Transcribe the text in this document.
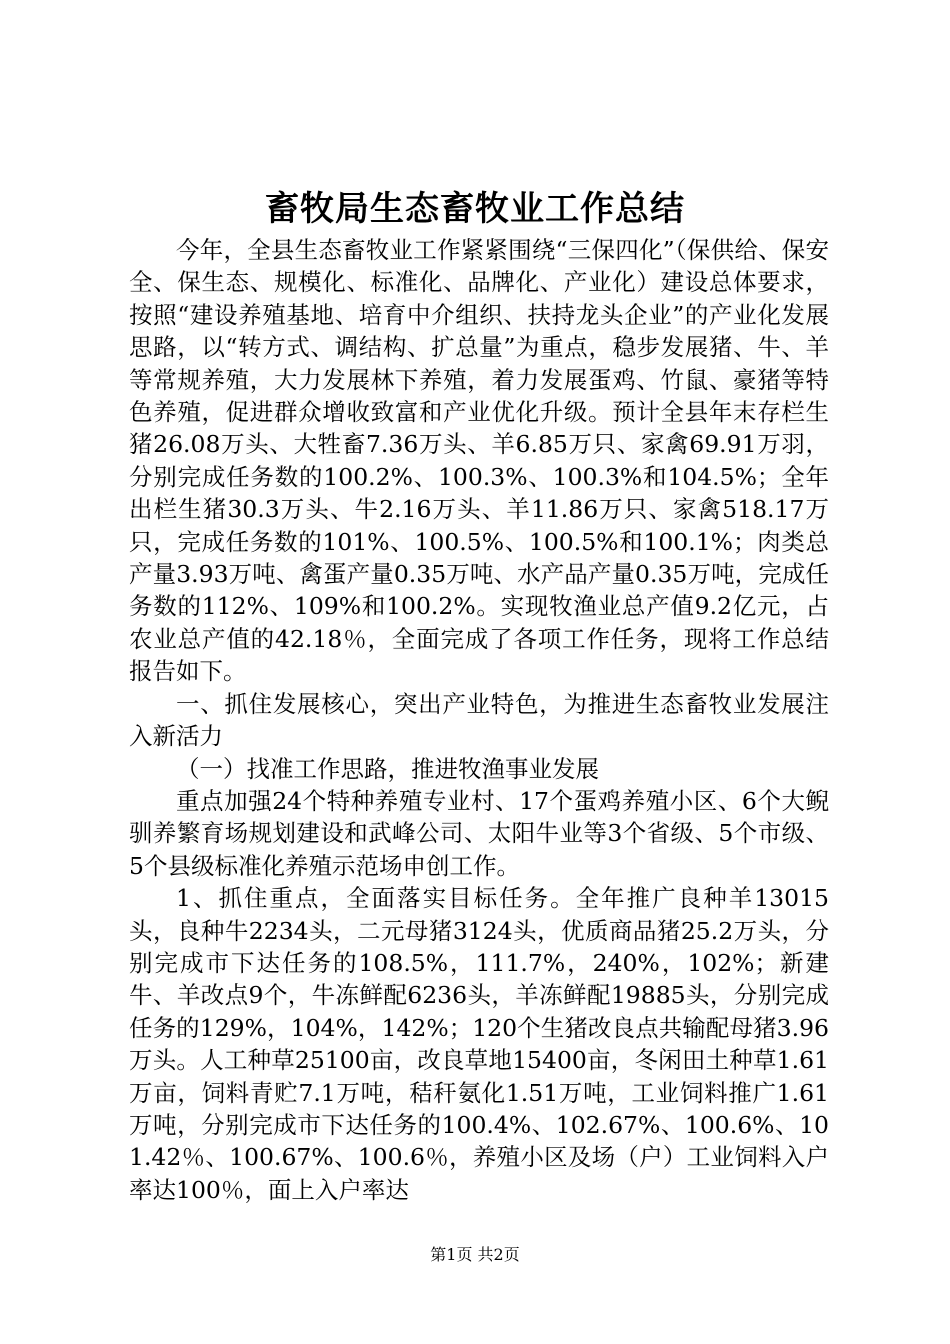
畜牧局生态畜牧业工作总结

今年，全县生态畜牧业工作紧紧围绕“三保四化”（保供给、保安全、保生态、规模化、标准化、品牌化、产业化）建设总体要求，按照“建设养殖基地、培育中介组织、扶持龙头企业”的产业化发展思路，以“转方式、调结构、扩总量”为重点，稳步发展猪、牛、羊等常规养殖，大力发展林下养殖，着力发展蛋鸡、竹鼠、豪猪等特色养殖，促进群众增收致富和产业优化升级。预计全县年末存栏生猪26.08万头、大牲畜7.36万头、羊6.85万只、家禽69.91万羽，分别完成任务数的100.2%、100.3%、100.3%和104.5%；全年出栏生猪30.3万头、牛2.16万头、羊11.86万只、家禽518.17万只，完成任务数的101%、100.5%、100.5%和100.1%；肉类总产量3.93万吨、禽蛋产量0.35万吨、水产品产量0.35万吨，完成任务数的112%、109%和100.2%。实现牧渔业总产值9.2亿元，占农业总产值的42.18％，全面完成了各项工作任务，现将工作总结报告如下。

一、抓住发展核心，突出产业特色，为推进生态畜牧业发展注入新活力

（一）找准工作思路，推进牧渔事业发展

重点加强24个特种养殖专业村、17个蛋鸡养殖小区、6个大鲵驯养繁育场规划建设和武峰公司、太阳牛业等3个省级、5个市级、5个县级标准化养殖示范场申创工作。

1、抓住重点，全面落实目标任务。全年推广良种羊13015头，良种牛2234头，二元母猪3124头，优质商品猪25.2万头，分别完成市下达任务的108.5%，111.7%，240%，102%；新建牛、羊改点9个，牛冻鲜配6236头，羊冻鲜配19885头，分别完成任务的129%，104%，142%；120个生猪改良点共输配母猪3.96万头。人工种草25100亩，改良草地15400亩，冬闲田土种草1.61万亩，饲料青贮7.1万吨，秸秆氨化1.51万吨，工业饲料推广1.61万吨，分别完成市下达任务的100.4%、102.67%、100.6%、101.42％、100.67%、100.6％，养殖小区及场（户）工业饲料入户率达100％，面上入户率达

第1页 共2页
